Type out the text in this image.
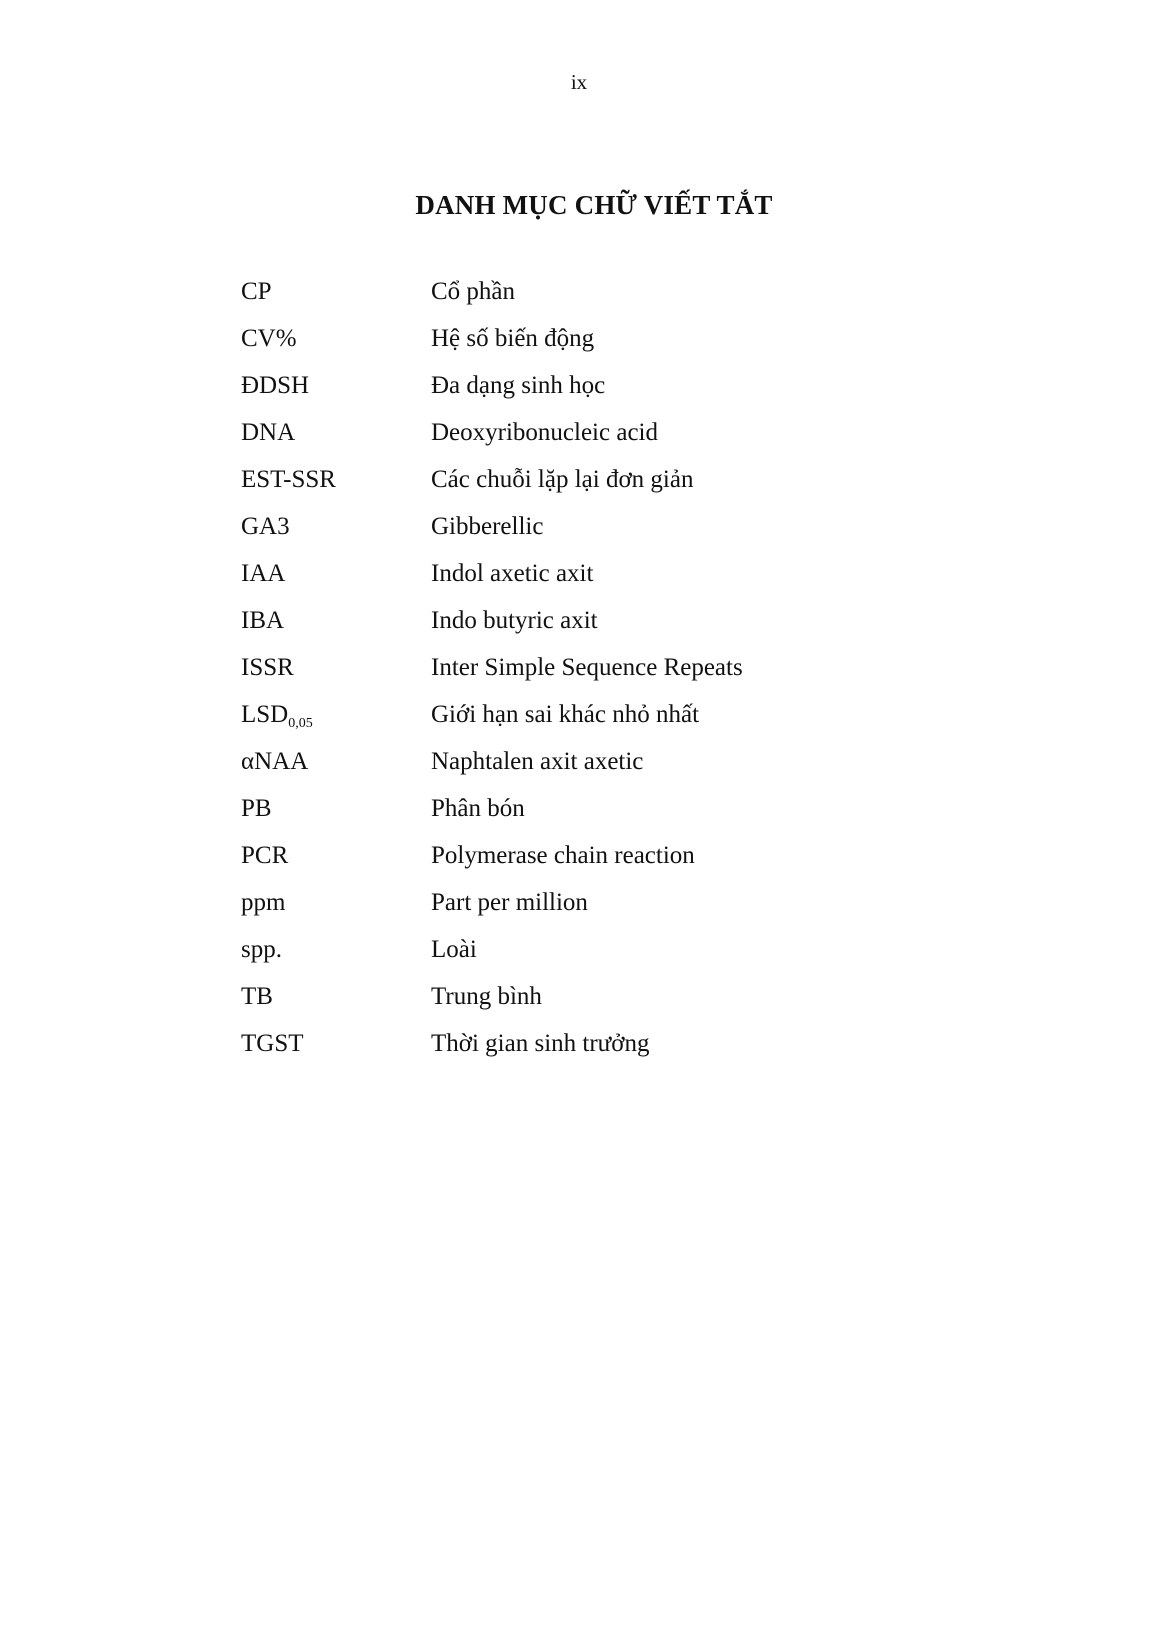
ix
DANH MỤC CHỮ VIẾT TẮT
CP	Cổ phần
CV%	Hệ số biến động
ĐDSH	Đa dạng sinh học
DNA	Deoxyribonucleic acid
EST-SSR	Các chuỗi lặp lại đơn giản
GA3	Gibberellic
IAA	Indol axetic axit
IBA	Indo butyric axit
ISSR	Inter Simple Sequence Repeats
$LSD_{0,05}$	Giới hạn sai khác nhỏ nhất
αNAA	Naphtalen axit axetic
PB	Phân bón
PCR	Polymerase chain reaction
ppm	Part per million
spp.	Loài
TB	Trung bình
TGST	Thời gian sinh trưởng
